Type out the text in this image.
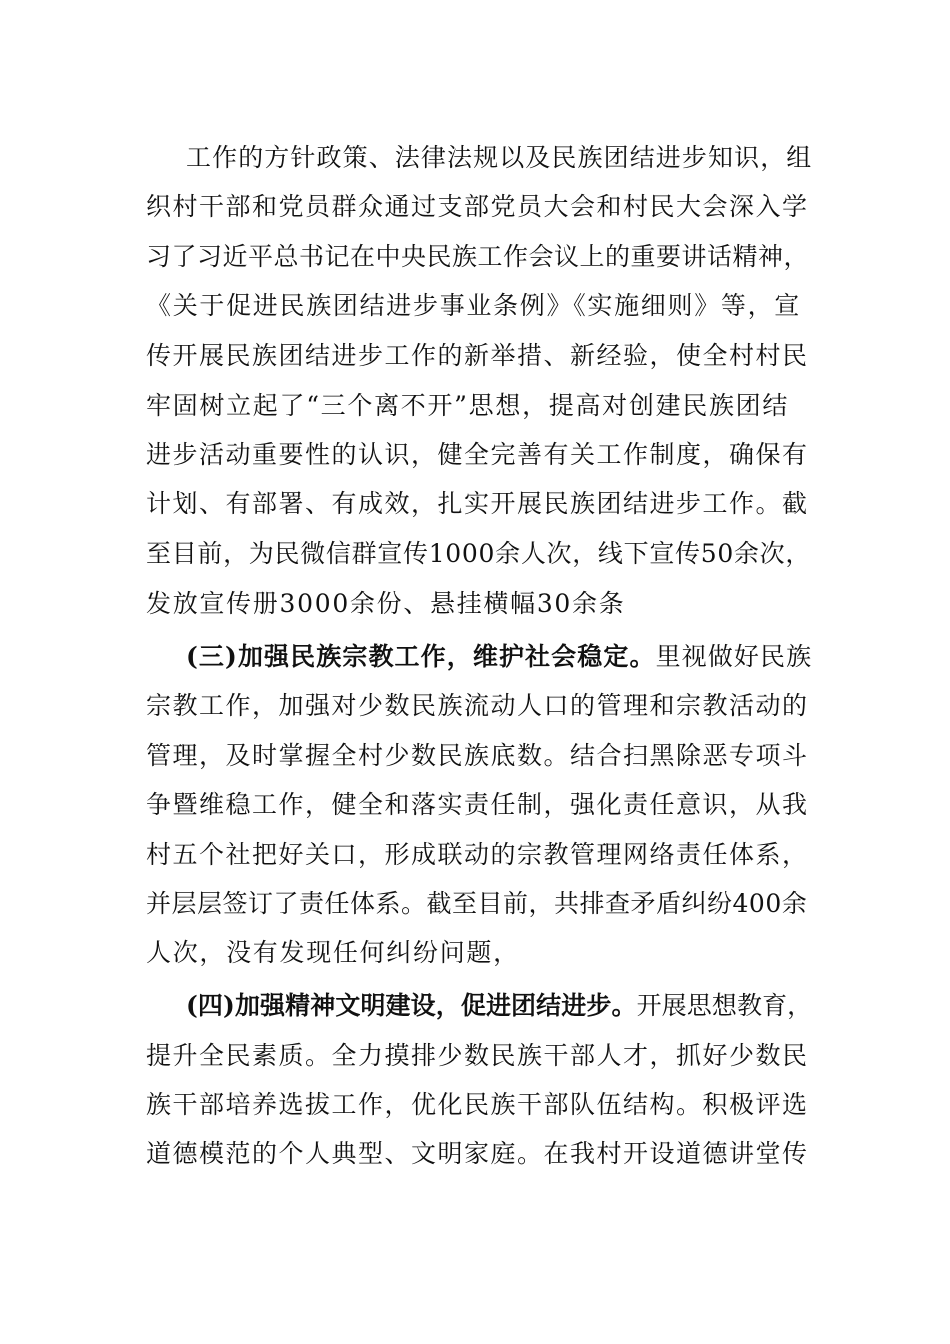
工作的方针政策、法律法规以及民族团结进步知识，组
织村干部和党员群众通过支部党员大会和村民大会深入学
习了习近平总书记在中央民族工作会议上的重要讲话精神，
《关于促进民族团结进步事业条例》《实施细则》等，宣
传开展民族团结进步工作的新举措、新经验，使全村村民
牢固树立起了“三个离不开”思想，提高对创建民族团结
进步活动重要性的认识，健全完善有关工作制度，确保有
计划、有部署、有成效，扎实开展民族团结进步工作。截
至目前，为民微信群宣传1000余人次，线下宣传50余次，
发放宣传册3000余份、悬挂横幅30余条
(三)加强民族宗教工作，维护社会稳定。里视做好民族
宗教工作，加强对少数民族流动人口的管理和宗教活动的
管理，及时掌握全村少数民族底数。结合扫黑除恶专项斗
争暨维稳工作，健全和落实责任制，强化责任意识，从我
村五个社把好关口，形成联动的宗教管理网络责任体系，
并层层签订了责任体系。截至目前，共排查矛盾纠纷400余
人次，没有发现任何纠纷问题，
(四)加强精神文明建设，促进团结进步。开展思想教育，
提升全民素质。全力摸排少数民族干部人才，抓好少数民
族干部培养选拔工作，优化民族干部队伍结构。积极评选
道德模范的个人典型、文明家庭。在我村开设道德讲堂传
